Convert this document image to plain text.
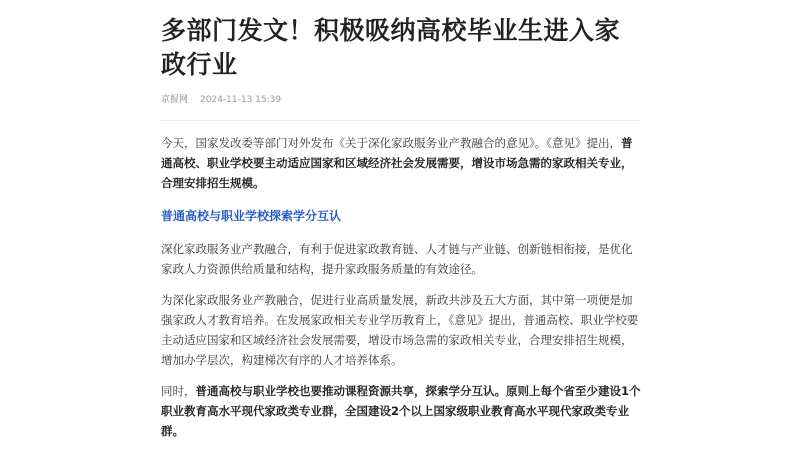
多部门发文！积极吸纳高校毕业生进入家政行业
京报网 2024-11-13 15:39

今天，国家发改委等部门对外发布《关于深化家政服务业产教融合的意见》。《意见》提出，普通高校、职业学校要主动适应国家和区域经济社会发展需要，增设市场急需的家政相关专业，合理安排招生规模。

普通高校与职业学校探索学分互认

深化家政服务业产教融合，有利于促进家政教育链、人才链与产业链、创新链相衔接，是优化家政人力资源供给质量和结构，提升家政服务质量的有效途径。

为深化家政服务业产教融合，促进行业高质量发展，新政共涉及五大方面，其中第一项便是加强家政人才教育培养。在发展家政相关专业学历教育上，《意见》提出，普通高校、职业学校要主动适应国家和区域经济社会发展需要，增设市场急需的家政相关专业，合理安排招生规模，增加办学层次，构建梯次有序的人才培养体系。

同时，普通高校与职业学校也要推动课程资源共享，探索学分互认。原则上每个省至少建设1个职业教育高水平现代家政类专业群，全国建设2个以上国家级职业教育高水平现代家政类专业群。
